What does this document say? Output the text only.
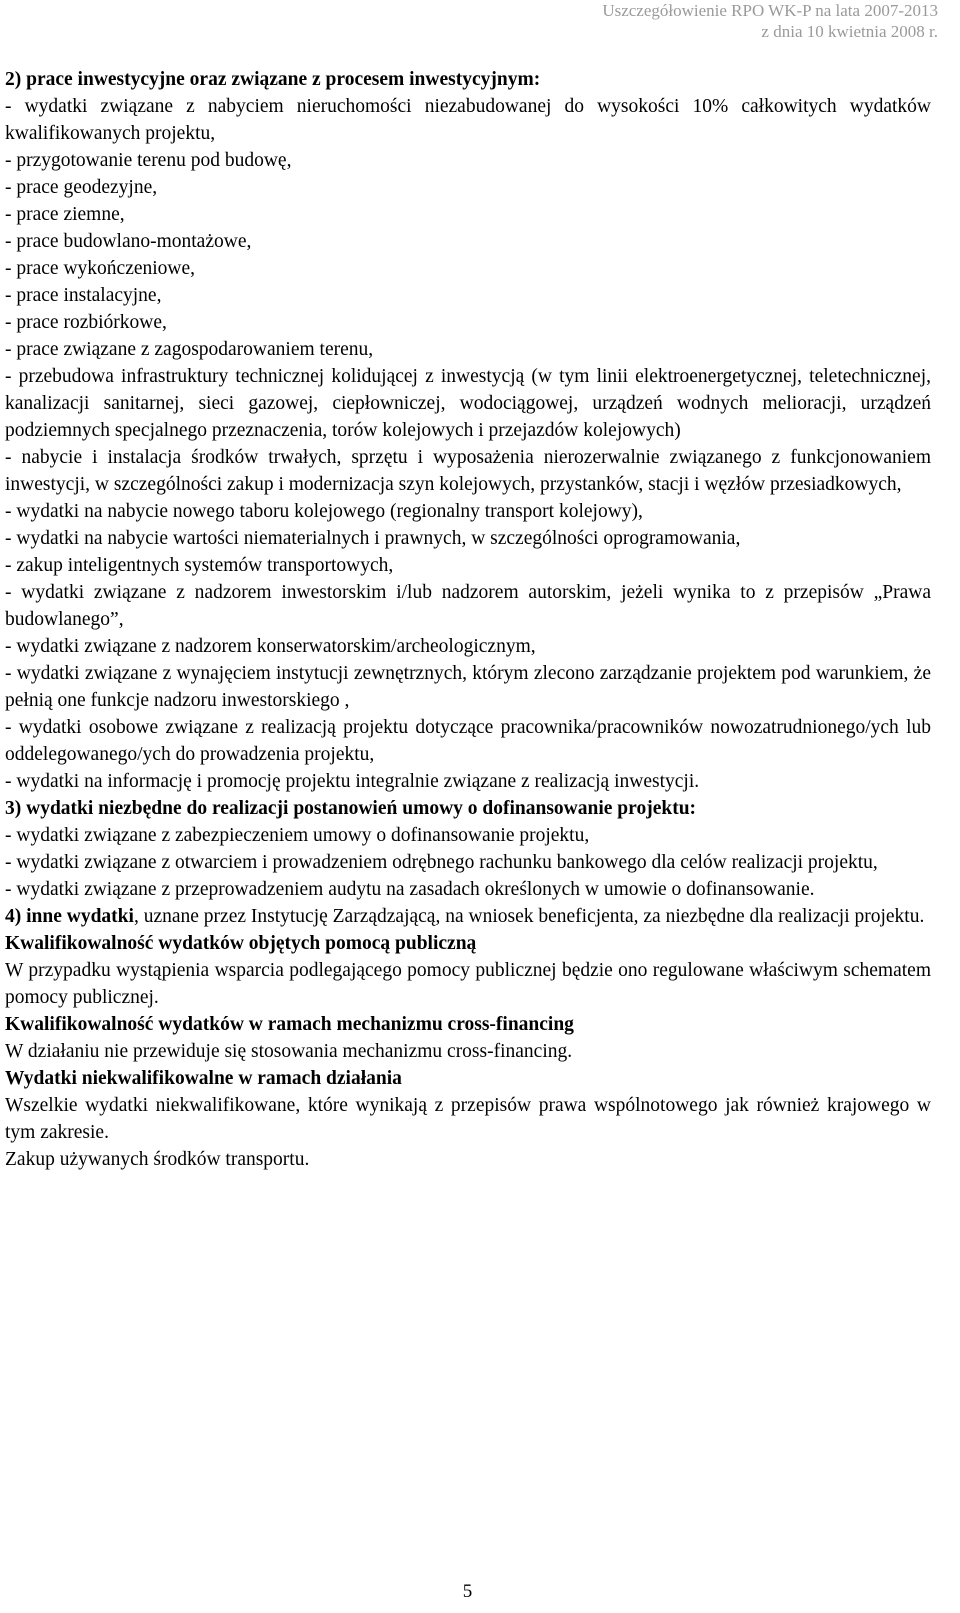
Uszczegółowienie RPO WK-P na lata 2007-2013
z dnia 10 kwietnia 2008 r.

2) prace inwestycyjne oraz związane z procesem inwestycyjnym:

- wydatki związane z nabyciem nieruchomości niezabudowanej do wysokości 10% całkowitych wydatków kwalifikowanych projektu,

- przygotowanie terenu pod budowę,

- prace geodezyjne,

- prace ziemne,

- prace budowlano-montażowe,

- prace wykończeniowe,

- prace instalacyjne,

- prace rozbiórkowe,

- prace związane z zagospodarowaniem terenu,

- przebudowa infrastruktury technicznej kolidującej z inwestycją (w tym linii elektroenergetycznej, teletechnicznej, kanalizacji sanitarnej, sieci gazowej, ciepłowniczej, wodociągowej, urządzeń wodnych melioracji, urządzeń podziemnych specjalnego przeznaczenia, torów kolejowych i przejazdów kolejowych)

- nabycie i instalacja środków trwałych, sprzętu i wyposażenia nierozerwalnie związanego z funkcjonowaniem inwestycji, w szczególności zakup i modernizacja szyn kolejowych, przystanków, stacji i węzłów przesiadkowych,

- wydatki na nabycie nowego taboru kolejowego (regionalny transport kolejowy),

- wydatki na nabycie wartości niematerialnych i prawnych, w szczególności oprogramowania,

- zakup inteligentnych systemów transportowych,

- wydatki związane z nadzorem inwestorskim i/lub nadzorem autorskim, jeżeli wynika to z przepisów „Prawa budowlanego”,

- wydatki związane z nadzorem konserwatorskim/archeologicznym,

- wydatki związane z wynajęciem instytucji zewnętrznych, którym zlecono zarządzanie projektem pod warunkiem, że pełnią one funkcje nadzoru inwestorskiego ,

- wydatki osobowe związane z realizacją projektu dotyczące pracownika/pracowników nowozatrudnionego/ych lub oddelegowanego/ych do prowadzenia projektu,

- wydatki na informację i promocję projektu integralnie związane z realizacją inwestycji.

3) wydatki niezbędne do realizacji postanowień umowy o dofinansowanie projektu:

- wydatki związane z zabezpieczeniem umowy o dofinansowanie projektu,

- wydatki związane z otwarciem i prowadzeniem odrębnego rachunku bankowego dla celów realizacji projektu,

- wydatki związane z przeprowadzeniem audytu na zasadach określonych w umowie o dofinansowanie.

4) inne wydatki, uznane przez Instytucję Zarządzającą, na wniosek beneficjenta, za niezbędne dla realizacji projektu.

Kwalifikowalność wydatków objętych pomocą publiczną

W przypadku wystąpienia wsparcia podlegającego pomocy publicznej będzie ono regulowane właściwym schematem pomocy publicznej.

Kwalifikowalność wydatków w ramach mechanizmu cross-financing

W działaniu nie przewiduje się stosowania mechanizmu cross-financing.

Wydatki niekwalifikowalne w ramach działania

Wszelkie wydatki niekwalifikowane, które wynikają z przepisów prawa wspólnotowego jak również krajowego w tym zakresie.

Zakup używanych środków transportu.

5
